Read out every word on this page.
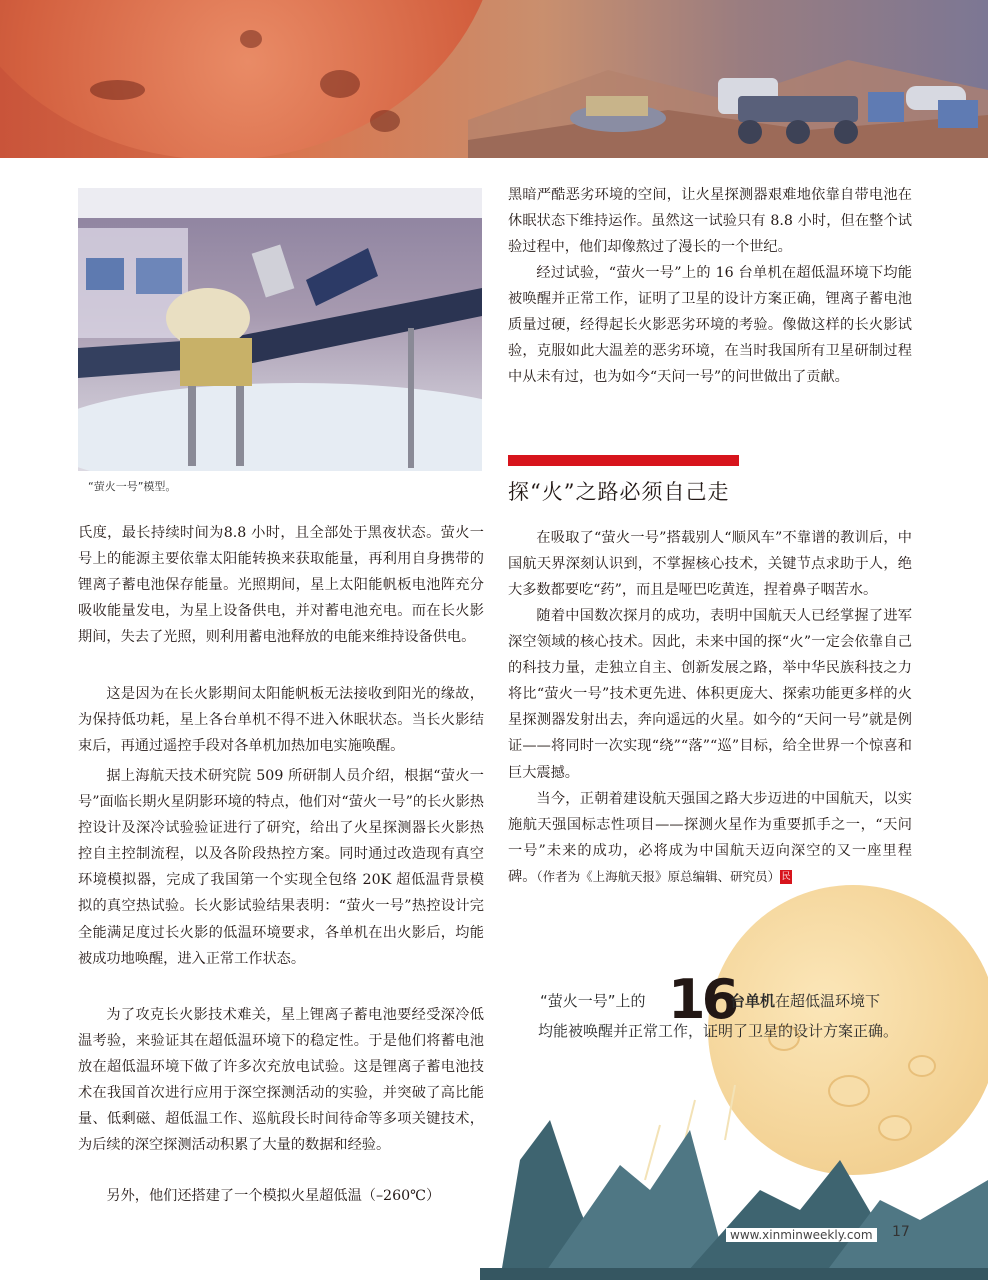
“萤火一号”模型。

氏度，最长持续时间为8.8 小时，且全部处于黑夜状态。萤火一号上的能源主要依靠太阳能转换来获取能量，再利用自身携带的锂离子蓄电池保存能量。光照期间，星上太阳能帆板电池阵充分吸收能量发电，为星上设备供电，并对蓄电池充电。而在长火影期间，失去了光照，则利用蓄电池释放的电能来维持设备供电。

这是因为在长火影期间太阳能帆板无法接收到阳光的缘故，为保持低功耗，星上各台单机不得不进入休眠状态。当长火影结束后，再通过遥控手段对各单机加热加电实施唤醒。

据上海航天技术研究院 509 所研制人员介绍，根据“萤火一号”面临长期火星阴影环境的特点，他们对“萤火一号”的长火影热控设计及深冷试验验证进行了研究，给出了火星探测器长火影热控自主控制流程，以及各阶段热控方案。同时通过改造现有真空环境模拟器，完成了我国第一个实现全包络 20K 超低温背景模拟的真空热试验。长火影试验结果表明：“萤火一号”热控设计完全能满足度过长火影的低温环境要求，各单机在出火影后，均能被成功地唤醒，进入正常工作状态。

为了攻克长火影技术难关，星上锂离子蓄电池要经受深冷低温考验，来验证其在超低温环境下的稳定性。于是他们将蓄电池放在超低温环境下做了许多次充放电试验。这是锂离子蓄电池技术在我国首次进行应用于深空探测活动的实验，并突破了高比能量、低剩磁、超低温工作、巡航段长时间待命等多项关键技术，为后续的深空探测活动积累了大量的数据和经验。

另外，他们还搭建了一个模拟火星超低温（–260℃）

黑暗严酷恶劣环境的空间，让火星探测器艰难地依靠自带电池在休眠状态下维持运作。虽然这一试验只有 8.8 小时，但在整个试验过程中，他们却像熬过了漫长的一个世纪。

经过试验，“萤火一号”上的 16 台单机在超低温环境下均能被唤醒并正常工作，证明了卫星的设计方案正确，锂离子蓄电池质量过硬，经得起长火影恶劣环境的考验。像做这样的长火影试验，克服如此大温差的恶劣环境，在当时我国所有卫星研制过程中从未有过，也为如今“天问一号”的问世做出了贡献。

探“火”之路必须自己走

在吸取了“萤火一号”搭载别人“顺风车”不靠谱的教训后，中国航天界深刻认识到，不掌握核心技术，关键节点求助于人，绝大多数都要吃“药”，而且是哑巴吃黄连，捏着鼻子咽苦水。

随着中国数次探月的成功，表明中国航天人已经掌握了进军深空领域的核心技术。因此，未来中国的探“火”一定会依靠自己的科技力量，走独立自主、创新发展之路，举中华民族科技之力将比“萤火一号”技术更先进、体积更庞大、探索功能更多样的火星探测器发射出去，奔向遥远的火星。如今的“天问一号”就是例证——将同时一次实现“绕”“落”“巡”目标，给全世界一个惊喜和巨大震撼。

当今，正朝着建设航天强国之路大步迈进的中国航天，以实施航天强国标志性项目——探测火星作为重要抓手之一，“天问一号”未来的成功，必将成为中国航天迈向深空的又一座里程碑。（作者为《上海航天报》原总编辑、研究员）民

“萤火一号”上的 16
台单机在超低温环境下
均能被唤醒并正常工作，证明了卫星的设计方案正确。
www.xinminweekly.com 17
